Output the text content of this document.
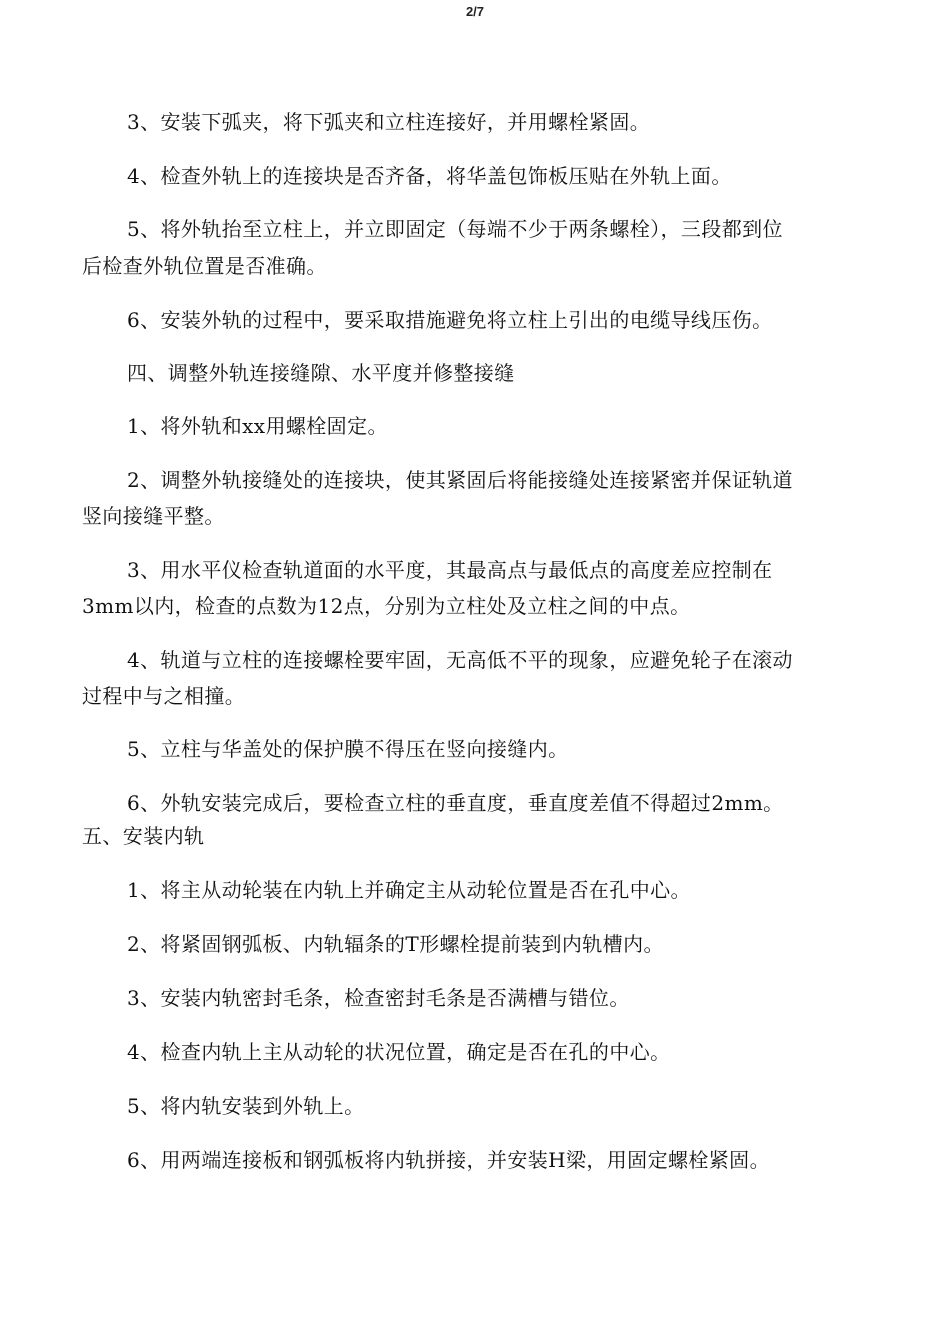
2/7
3、安装下弧夹，将下弧夹和立柱连接好，并用螺栓紧固。
4、检查外轨上的连接块是否齐备，将华盖包饰板压贴在外轨上面。
5、将外轨抬至立柱上，并立即固定（每端不少于两条螺栓），三段都到位
后检查外轨位置是否准确。
6、安装外轨的过程中，要采取措施避免将立柱上引出的电缆导线压伤。
四、调整外轨连接缝隙、水平度并修整接缝
1、将外轨和xx用螺栓固定。
2、调整外轨接缝处的连接块，使其紧固后将能接缝处连接紧密并保证轨道
竖向接缝平整。
3、用水平仪检查轨道面的水平度，其最高点与最低点的高度差应控制在
3mm以内，检查的点数为12点，分别为立柱处及立柱之间的中点。
4、轨道与立柱的连接螺栓要牢固，无高低不平的现象，应避免轮子在滚动
过程中与之相撞。
5、立柱与华盖处的保护膜不得压在竖向接缝内。
6、外轨安装完成后，要检查立柱的垂直度，垂直度差值不得超过2mm。
五、安装内轨
1、将主从动轮装在内轨上并确定主从动轮位置是否在孔中心。
2、将紧固钢弧板、内轨辐条的T形螺栓提前装到内轨槽内。
3、安装内轨密封毛条，检查密封毛条是否满槽与错位。
4、检查内轨上主从动轮的状况位置，确定是否在孔的中心。
5、将内轨安装到外轨上。
6、用两端连接板和钢弧板将内轨拼接，并安装H梁，用固定螺栓紧固。
